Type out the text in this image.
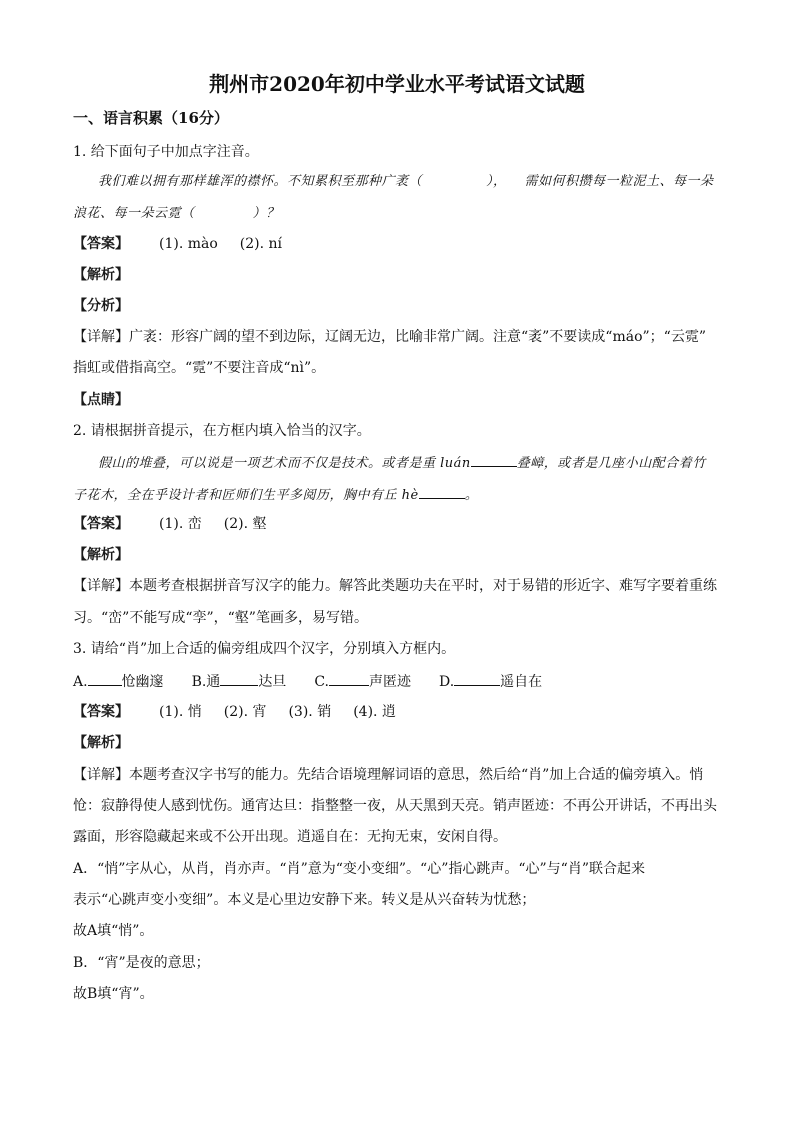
荆州市2020年初中学业水平考试语文试题
一、语言积累（16分）
1. 给下面句子中加点字注音。
我们难以拥有那样雄浑的襟怀。不知累积至那种广袤（	）， 需如何积攒每一粒泥土、每一朵
浪花、每一朵云霓（	）？
【答案】 (1). mào (2). ní
【解析】
【分析】
【详解】广袤：形容广阔的望不到边际，辽阔无边，比喻非常广阔。注意“袤”不要读成“máo”；“云霓”
指虹或借指高空。“霓”不要注音成“nì”。
【点睛】
2. 请根据拼音提示，在方框内填入恰当的汉字。
假山的堆叠，可以说是一项艺术而不仅是技术。或者是重 luán	叠嶂，或者是几座小山配合着竹
子花木，全在乎设计者和匠师们生平多阅历，胸中有丘 hè	。
【答案】 (1). 峦 (2). 壑
【解析】
【详解】本题考查根据拼音写汉字的能力。解答此类题功夫在平时，对于易错的形近字、难写字要着重练
习。“峦”不能写成“孪”，“壑”笔画多，易写错。
3. 请给“肖”加上合适的偏旁组成四个汉字，分别填入方框内。
A. 怆幽邃 B.通	达旦 C.	声匿迹 D.	遥自在
【答案】 (1). 悄 (2). 宵 (3). 销 (4). 逍
【解析】
【详解】本题考查汉字书写的能力。先结合语境理解词语的意思，然后给“肖”加上合适的偏旁填入。悄
怆：寂静得使人感到忧伤。通宵达旦：指整整一夜，从天黑到天亮。销声匿迹：不再公开讲话，不再出头
露面，形容隐藏起来或不公开出现。逍遥自在：无拘无束，安闲自得。
A．“悄”字从心，从肖，肖亦声。“肖”意为“变小变细”。“心”指心跳声。“心”与“肖”联合起来
表示“心跳声变小变细”。本义是心里边安静下来。转义是从兴奋转为忧愁；
故A填“悄”。
B．“宵”是夜的意思；
故B填“宵”。
